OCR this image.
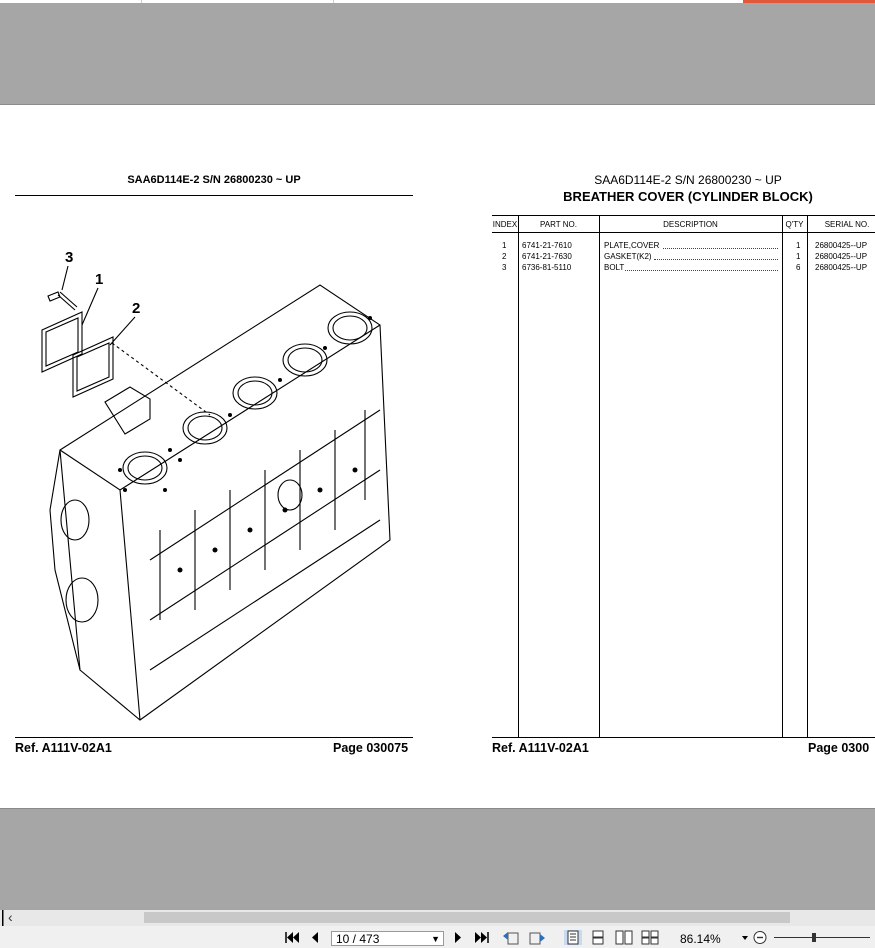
SAA6D114E-2 S/N 26800230 ~ UP
3
1
2
Ref. A111V-02A1	Page 030075
SAA6D114E-2 S/N 26800230 ~ UP
BREATHER COVER (CYLINDER BLOCK)
INDEX	PART NO.	DESCRIPTION	Q'TY	SERIAL NO.
1 6741-21-7610	PLATE,COVER	1 26800425--UP
2 6741-21-7630	GASKET(K2)	1 26800425--UP
3 6736-81-5110	BOLT	6 26800425--UP
Ref. A111V-02A1	Page 0300
‹
10 / 473	▼	86.14%
